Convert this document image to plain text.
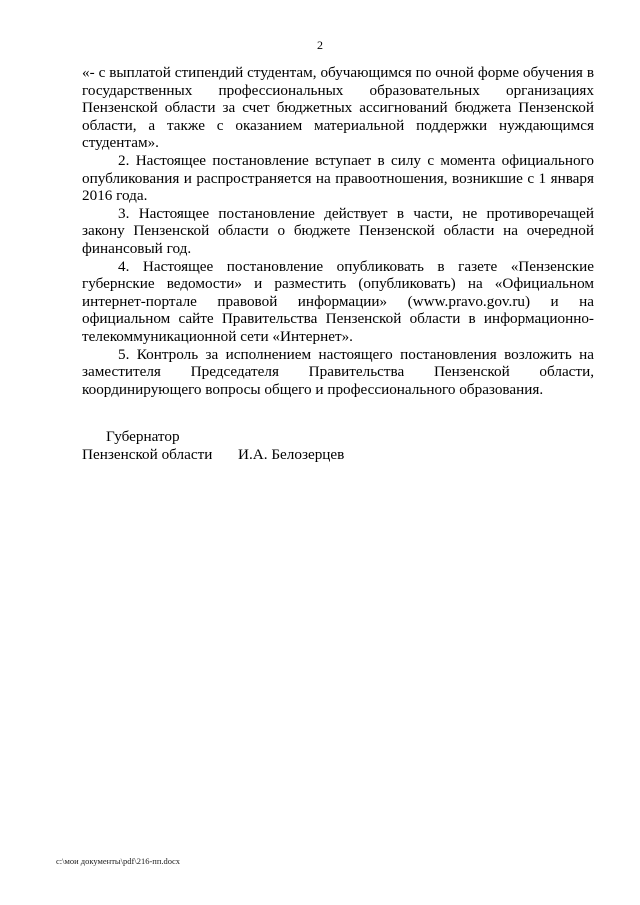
2

«- с выплатой стипендий студентам, обучающимся по очной форме обучения в государственных профессиональных образовательных организациях Пензенской области за счет бюджетных ассигнований бюджета Пензенской области, а также с оказанием материальной поддержки нуждающимся студентам».

2. Настоящее постановление вступает в силу с момента официального опубликования и распространяется на правоотношения, возникшие с 1 января 2016 года.

3. Настоящее постановление действует в части, не противоречащей закону Пензенской области о бюджете Пензенской области на очередной финансовый год.

4. Настоящее постановление опубликовать в газете «Пензенские губернские ведомости» и разместить (опубликовать) на «Официальном интернет-портале правовой информации» (www.pravo.gov.ru) и на официальном сайте Правительства Пензенской области в информационно-телекоммуникационной сети «Интернет».

5. Контроль за исполнением настоящего постановления возложить на заместителя Председателя Правительства Пензенской области, координирующего вопросы общего и профессионального образования.

Губернатор
Пензенской области И.А. Белозерцев
c:\мои документы\pdf\216-пп.docx
